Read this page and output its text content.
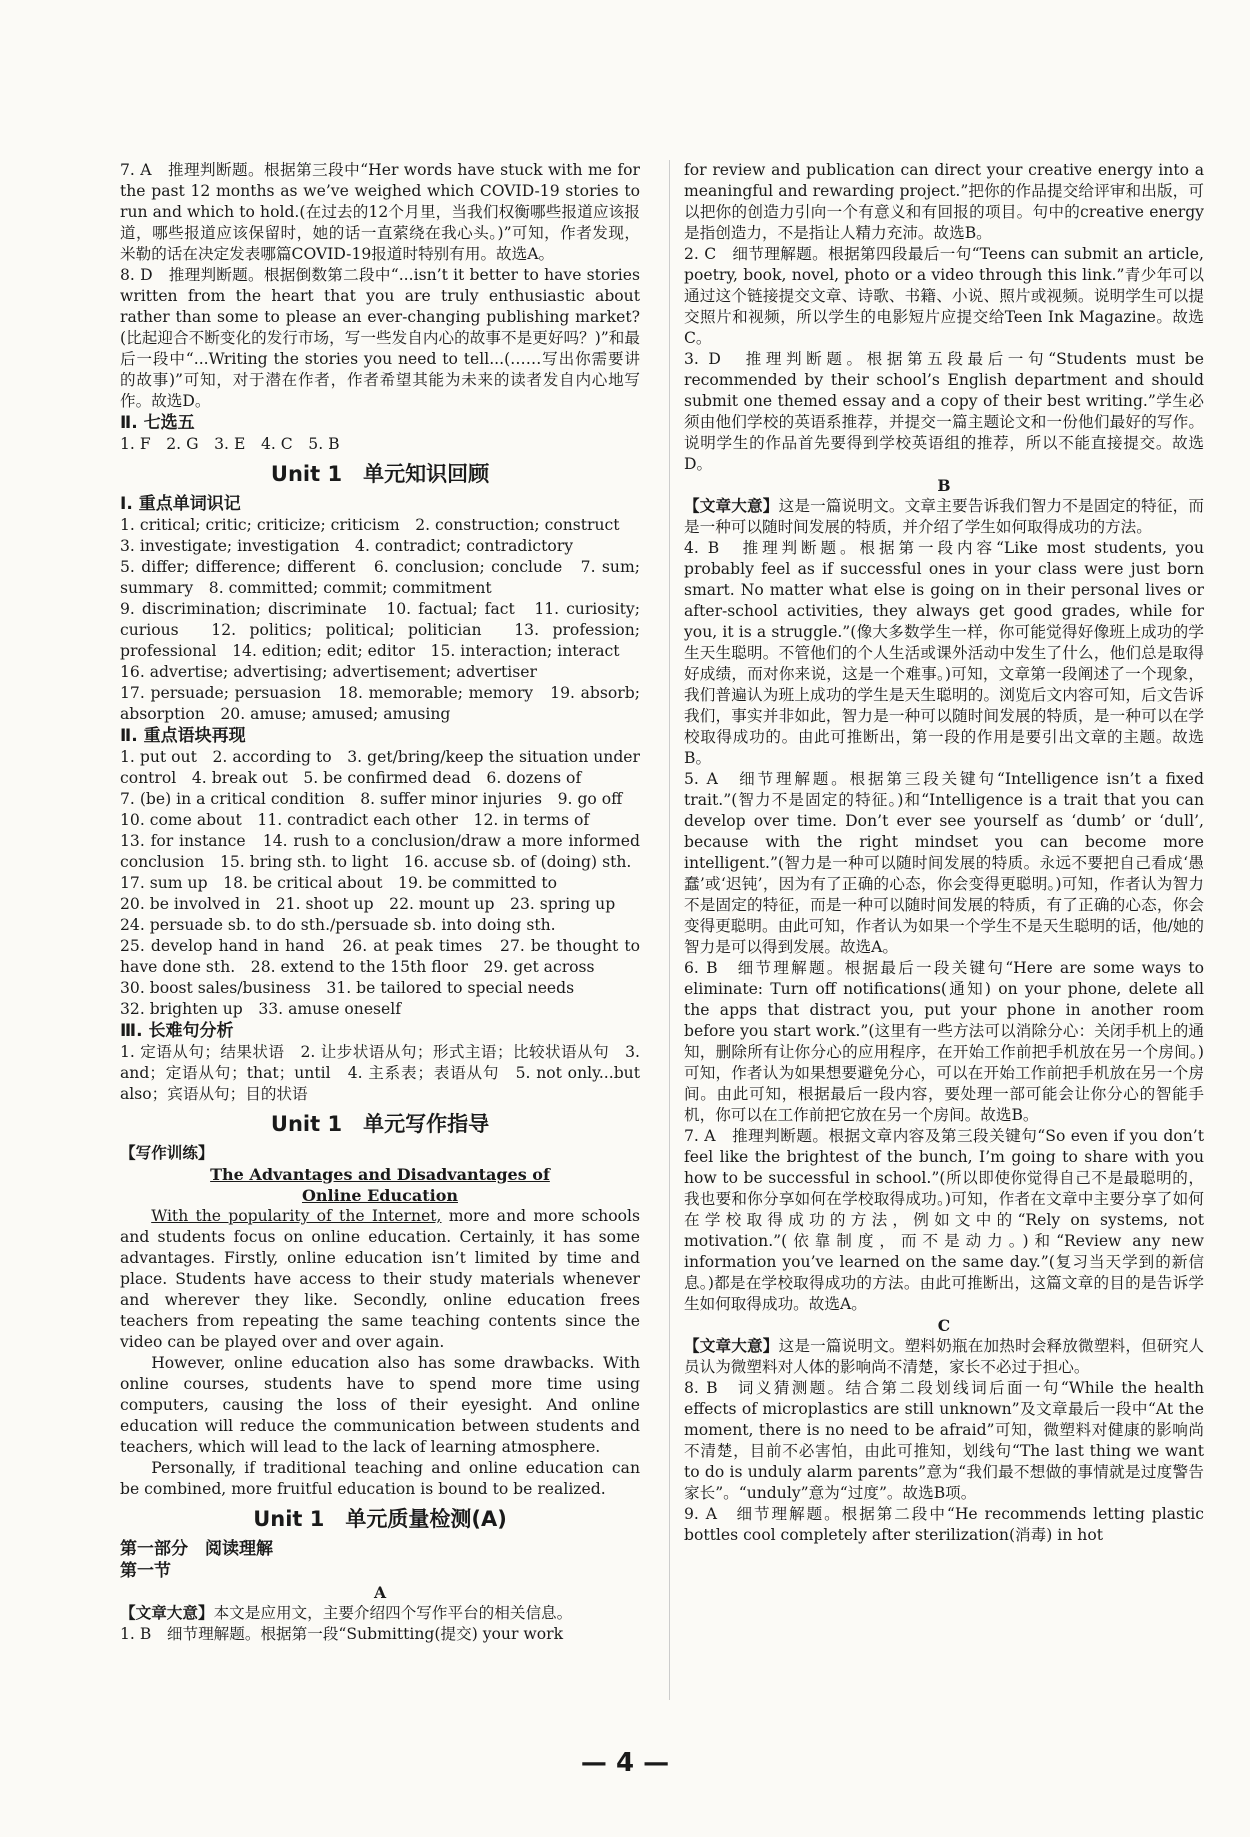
7. A　推理判断题。根据第三段中“Her words have stuck with me for the past 12 months as we’ve weighed which COVID-19 stories to run and which to hold.(在过去的12个月里，当我们权衡哪些报道应该报道，哪些报道应该保留时，她的话一直萦绕在我心头。)”可知，作者发现，米勒的话在决定发表哪篇COVID-19报道时特别有用。故选A。

8. D　推理判断题。根据倒数第二段中“...isn’t it better to have stories written from the heart that you are truly enthusiastic about rather than some to please an ever-changing publishing market?(比起迎合不断变化的发行市场，写一些发自内心的故事不是更好吗？)”和最后一段中“...Writing the stories you need to tell...(……写出你需要讲的故事)”可知，对于潜在作者，作者希望其能为未来的读者发自内心地写作。故选D。

Ⅱ. 七选五

1. F　2. G　3. E　4. C　5. B

Unit 1　单元知识回顾

Ⅰ. 重点单词识记

1. critical; critic; criticize; criticism　2. construction; construct

3. investigate; investigation　4. contradict; contradictory

5. differ; difference; different　6. conclusion; conclude　7. sum; summary　8. committed; commit; commitment

9. discrimination; discriminate　10. factual; fact　11. curiosity; curious　12. politics; political; politician　13. profession; professional　14. edition; edit; editor　15. interaction; interact

16. advertise; advertising; advertisement; advertiser

17. persuade; persuasion　18. memorable; memory　19. absorb; absorption　20. amuse; amused; amusing

Ⅱ. 重点语块再现

1. put out　2. according to　3. get/bring/keep the situation under control　4. break out　5. be confirmed dead　6. dozens of

7. (be) in a critical condition　8. suffer minor injuries　9. go off

10. come about　11. contradict each other　12. in terms of

13. for instance　14. rush to a conclusion/draw a more informed conclusion　15. bring sth. to light　16. accuse sb. of (doing) sth.

17. sum up　18. be critical about　19. be committed to

20. be involved in　21. shoot up　22. mount up　23. spring up

24. persuade sb. to do sth./persuade sb. into doing sth.

25. develop hand in hand　26. at peak times　27. be thought to have done sth.　28. extend to the 15th floor　29. get across

30. boost sales/business　31. be tailored to special needs

32. brighten up　33. amuse oneself

Ⅲ. 长难句分析

1. 定语从句；结果状语　2. 让步状语从句；形式主语；比较状语从句　3. and；定语从句；that；until　4. 主系表；表语从句　5. not only...but also；宾语从句；目的状语

Unit 1　单元写作指导

【写作训练】

The Advantages and Disadvantages of

Online Education

With the popularity of the Internet, more and more schools and students focus on online education. Certainly, it has some advantages. Firstly, online education isn’t limited by time and place. Students have access to their study materials whenever and wherever they like. Secondly, online education frees teachers from repeating the same teaching contents since the video can be played over and over again.

However, online education also has some drawbacks. With online courses, students have to spend more time using computers, causing the loss of their eyesight. And online education will reduce the communication between students and teachers, which will lead to the lack of learning atmosphere.

Personally, if traditional teaching and online education can be combined, more fruitful education is bound to be realized.

Unit 1　单元质量检测(A)

第一部分　阅读理解

第一节

A

【文章大意】本文是应用文，主要介绍四个写作平台的相关信息。

1. B　细节理解题。根据第一段“Submitting(提交) your work

for review and publication can direct your creative energy into a meaningful and rewarding project.”把你的作品提交给评审和出版，可以把你的创造力引向一个有意义和有回报的项目。句中的creative energy是指创造力，不是指让人精力充沛。故选B。

2. C　细节理解题。根据第四段最后一句“Teens can submit an article, poetry, book, novel, photo or a video through this link.”青少年可以通过这个链接提交文章、诗歌、书籍、小说、照片或视频。说明学生可以提交照片和视频，所以学生的电影短片应提交给Teen Ink Magazine。故选C。

3. D　推理判断题。根据第五段最后一句“Students must be recommended by their school’s English department and should submit one themed essay and a copy of their best writing.”学生必须由他们学校的英语系推荐，并提交一篇主题论文和一份他们最好的写作。说明学生的作品首先要得到学校英语组的推荐，所以不能直接提交。故选D。

B

【文章大意】这是一篇说明文。文章主要告诉我们智力不是固定的特征，而是一种可以随时间发展的特质，并介绍了学生如何取得成功的方法。

4. B　推理判断题。根据第一段内容“Like most students, you probably feel as if successful ones in your class were just born smart. No matter what else is going on in their personal lives or after-school activities, they always get good grades, while for you, it is a struggle.”(像大多数学生一样，你可能觉得好像班上成功的学生天生聪明。不管他们的个人生活或课外活动中发生了什么，他们总是取得好成绩，而对你来说，这是一个难事。)可知，文章第一段阐述了一个现象，我们普遍认为班上成功的学生是天生聪明的。浏览后文内容可知，后文告诉我们，事实并非如此，智力是一种可以随时间发展的特质，是一种可以在学校取得成功的。由此可推断出，第一段的作用是要引出文章的主题。故选B。

5. A　细节理解题。根据第三段关键句“Intelligence isn’t a fixed trait.”(智力不是固定的特征。)和“Intelligence is a trait that you can develop over time. Don’t ever see yourself as ‘dumb’ or ‘dull’, because with the right mindset you can become more intelligent.”(智力是一种可以随时间发展的特质。永远不要把自己看成‘愚蠢’或‘迟钝’，因为有了正确的心态，你会变得更聪明。)可知，作者认为智力不是固定的特征，而是一种可以随时间发展的特质，有了正确的心态，你会变得更聪明。由此可知，作者认为如果一个学生不是天生聪明的话，他/她的智力是可以得到发展。故选A。

6. B　细节理解题。根据最后一段关键句“Here are some ways to eliminate: Turn off notifications(通知) on your phone, delete all the apps that distract you, put your phone in another room before you start work.”(这里有一些方法可以消除分心：关闭手机上的通知，删除所有让你分心的应用程序，在开始工作前把手机放在另一个房间。)可知，作者认为如果想要避免分心，可以在开始工作前把手机放在另一个房间。由此可知，根据最后一段内容，要处理一部可能会让你分心的智能手机，你可以在工作前把它放在另一个房间。故选B。

7. A　推理判断题。根据文章内容及第三段关键句“So even if you don’t feel like the brightest of the bunch, I’m going to share with you how to be successful in school.”(所以即使你觉得自己不是最聪明的，我也要和你分享如何在学校取得成功。)可知，作者在文章中主要分享了如何在学校取得成功的方法，例如文中的“Rely on systems, not motivation.”(依靠制度，而不是动力。)和“Review any new information you’ve learned on the same day.”(复习当天学到的新信息。)都是在学校取得成功的方法。由此可推断出，这篇文章的目的是告诉学生如何取得成功。故选A。

C

【文章大意】这是一篇说明文。塑料奶瓶在加热时会释放微塑料，但研究人员认为微塑料对人体的影响尚不清楚，家长不必过于担心。

8. B　词义猜测题。结合第二段划线词后面一句“While the health effects of microplastics are still unknown”及文章最后一段中“At the moment, there is no need to be afraid”可知，微塑料对健康的影响尚不清楚，目前不必害怕，由此可推知，划线句“The last thing we want to do is unduly alarm parents”意为“我们最不想做的事情就是过度警告家长”。“unduly”意为“过度”。故选B项。

9. A　细节理解题。根据第二段中“He recommends letting plastic bottles cool completely after sterilization(消毒) in hot

— 4 —
